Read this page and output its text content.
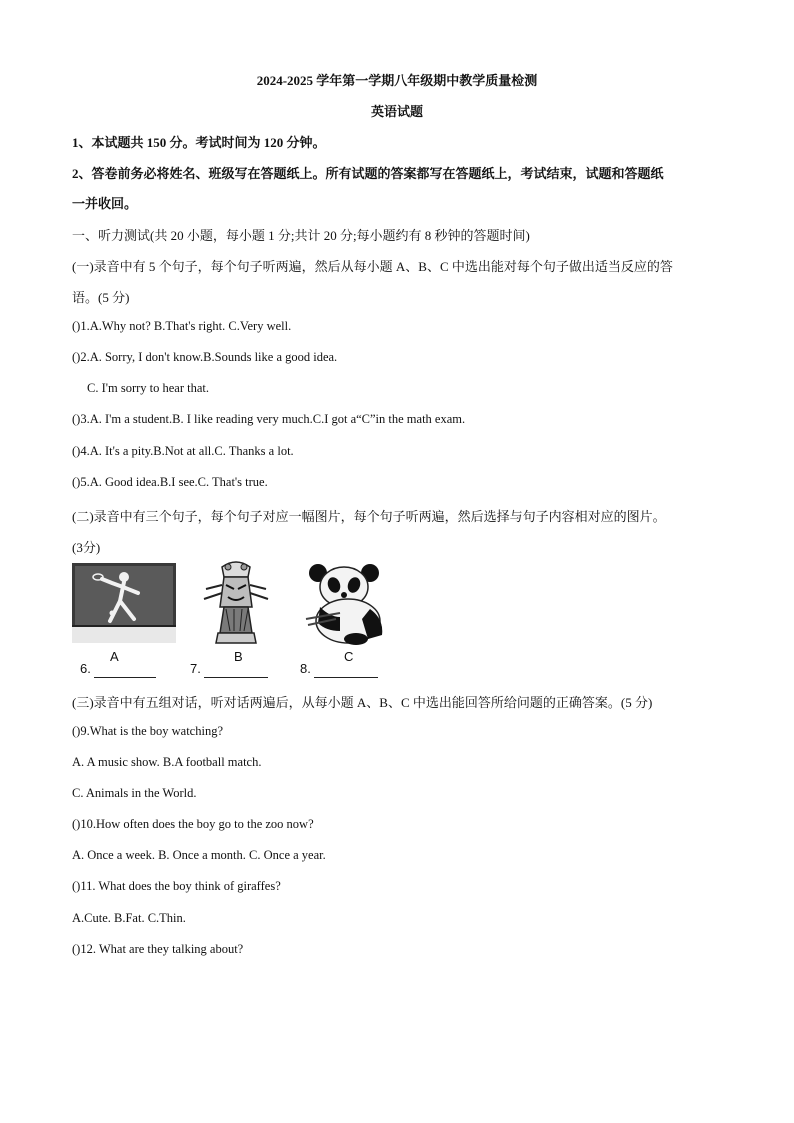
2024-2025 学年第一学期八年级期中教学质量检测
英语试题
1、本试题共 150 分。考试时间为 120 分钟。
2、答卷前务必将姓名、班级写在答题纸上。所有试题的答案都写在答题纸上，考试结束，试题和答题纸
一并收回。
一、听力测试(共 20 小题，每小题 1 分;共计 20 分;每小题约有 8 秒钟的答题时间)
(一)录音中有 5 个句子，每个句子听两遍，然后从每小题 A、B、C 中选出能对每个句子做出适当反应的答
语。(5 分)
()1.A.Why not? B.That's right. C.Very well.
()2.A. Sorry, I don't know.B.Sounds like a good idea.
C. I'm sorry to hear that.
()3.A. I'm a student.B. I like reading very much.C.I got a“C”in the math exam.
()4.A. It's a pity.B.Not at all.C. Thanks a lot.
()5.A. Good idea.B.I see.C. That's true.
(二)录音中有三个句子，每个句子对应一幅图片，每个句子听两遍，然后选择与句子内容相对应的图片。
(3分)
6.
A
7.
B
8.
C
(三)录音中有五组对话，听对话两遍后，从每小题 A、B、C 中选出能回答所给问题的正确答案。(5 分)
()9.What is the boy watching?
A. A music show. B.A football match.
C. Animals in the World.
()10.How often does the boy go to the zoo now?
A. Once a week. B. Once a month. C. Once a year.
()11. What does the boy think of giraffes?
A.Cute. B.Fat. C.Thin.
()12. What are they talking about?
